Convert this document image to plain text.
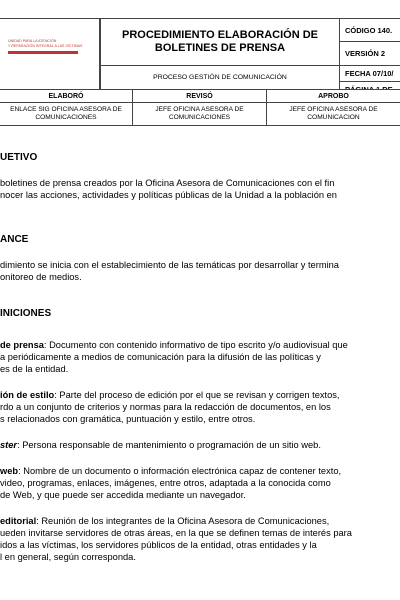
UNIDAD PARA LA ATENCIÓN
Y REPARACIÓN INTEGRAL A LAS VÍCTIMAS
PROCEDIMIENTO ELABORACIÓN DE
BOLETINES DE PRENSA
PROCESO GESTIÓN DE COMUNICACIÓN
CÓDIGO 140.
VERSIÓN 2
FECHA 07/10/
ELABORÓ	REVISÓ	APROBO
ENLACE SIG OFICINA ASESORA DE
COMUNICACIONES
JEFE OFICINA ASESORA DE
COMUNICACIONES
JEFE OFICINA ASESORA DE
COMUNICACION
UETIVO
boletines de prensa creados por la Oficina Asesora de Comunicaciones con el fin
nocer las acciones, actividades y políticas públicas de la Unidad a la población en
ANCE
dimiento se inicia con el establecimiento de las temáticas por desarrollar y termina
onitoreo de medios.
INICIONES
de prensa: Documento con contenido informativo de tipo escrito y/o audiovisual que
a periódicamente a medios de comunicación para la difusión de las políticas y
es de la entidad.
ión de estilo: Parte del proceso de edición por el que se revisan y corrigen textos,
rdo a un conjunto de criterios y normas para la redacción de documentos, en los
s relacionados con gramática, puntuación y estilo, entre otros.
ster: Persona responsable de mantenimiento o programación de un sitio web.
web: Nombre de un documento o información electrónica capaz de contener texto,
video, programas, enlaces, imágenes, entre otros, adaptada a la conocida como
de Web, y que puede ser accedida mediante un navegador.
editorial: Reunión de los integrantes de la Oficina Asesora de Comunicaciones,
ueden invitarse servidores de otras áreas, en la que se definen temas de interés para
idos a las víctimas, los servidores públicos de la entidad, otras entidades y la
l en general, según corresponda.
